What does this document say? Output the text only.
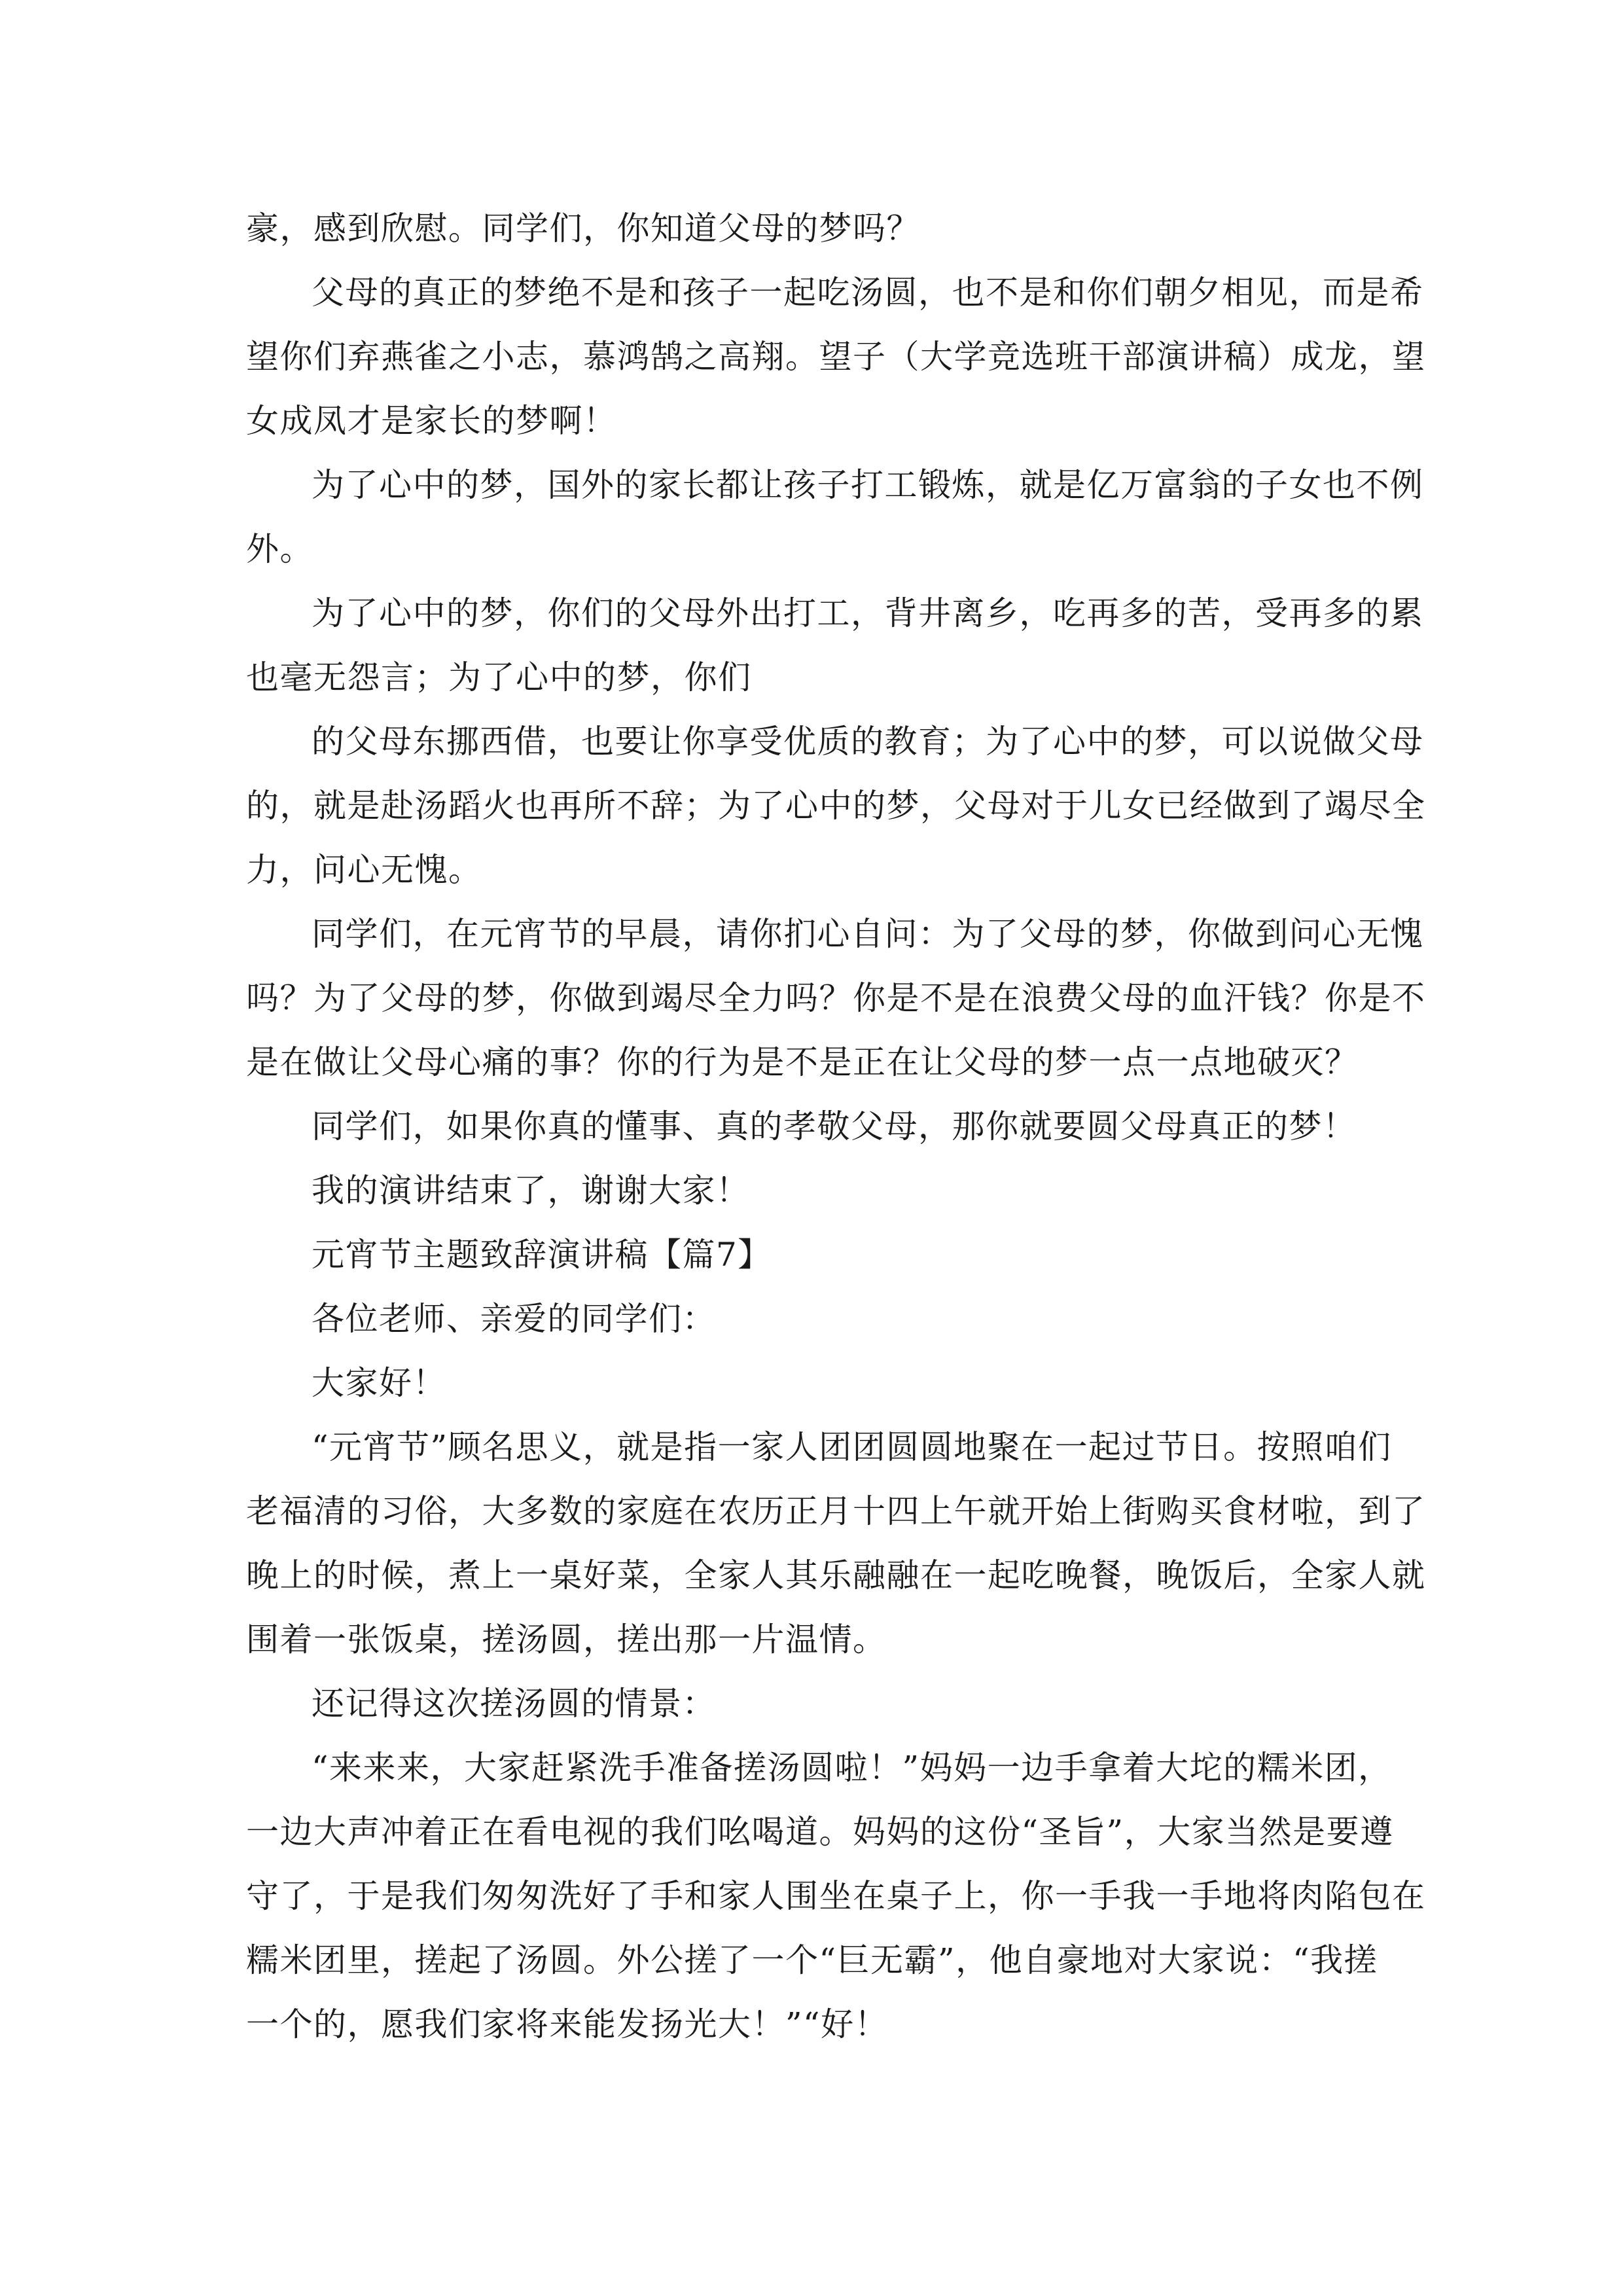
豪，感到欣慰。同学们，你知道父母的梦吗？
父母的真正的梦绝不是和孩子一起吃汤圆，也不是和你们朝夕相见，而是希
望你们弃燕雀之小志，慕鸿鹄之高翔。望子（大学竞选班干部演讲稿）成龙，望
女成凤才是家长的梦啊！
为了心中的梦，国外的家长都让孩子打工锻炼，就是亿万富翁的子女也不例
外。
为了心中的梦，你们的父母外出打工，背井离乡，吃再多的苦，受再多的累
也毫无怨言；为了心中的梦，你们
的父母东挪西借，也要让你享受优质的教育；为了心中的梦，可以说做父母
的，就是赴汤蹈火也再所不辞；为了心中的梦，父母对于儿女已经做到了竭尽全
力，问心无愧。
同学们，在元宵节的早晨，请你扪心自问：为了父母的梦，你做到问心无愧
吗？为了父母的梦，你做到竭尽全力吗？你是不是在浪费父母的血汗钱？你是不
是在做让父母心痛的事？你的行为是不是正在让父母的梦一点一点地破灭？
同学们，如果你真的懂事、真的孝敬父母，那你就要圆父母真正的梦！
我的演讲结束了，谢谢大家！
元宵节主题致辞演讲稿【篇7】
各位老师、亲爱的同学们：
大家好！
“元宵节”顾名思义，就是指一家人团团圆圆地聚在一起过节日。按照咱们
老福清的习俗，大多数的家庭在农历正月十四上午就开始上街购买食材啦，到了
晚上的时候，煮上一桌好菜，全家人其乐融融在一起吃晚餐，晚饭后，全家人就
围着一张饭桌，搓汤圆，搓出那一片温情。
还记得这次搓汤圆的情景：
“来来来，大家赶紧洗手准备搓汤圆啦！”妈妈一边手拿着大坨的糯米团，
一边大声冲着正在看电视的我们吆喝道。妈妈的这份“圣旨”，大家当然是要遵
守了，于是我们匆匆洗好了手和家人围坐在桌子上，你一手我一手地将肉陷包在
糯米团里，搓起了汤圆。外公搓了一个“巨无霸”，他自豪地对大家说：“我搓
一个的，愿我们家将来能发扬光大！”“好！
